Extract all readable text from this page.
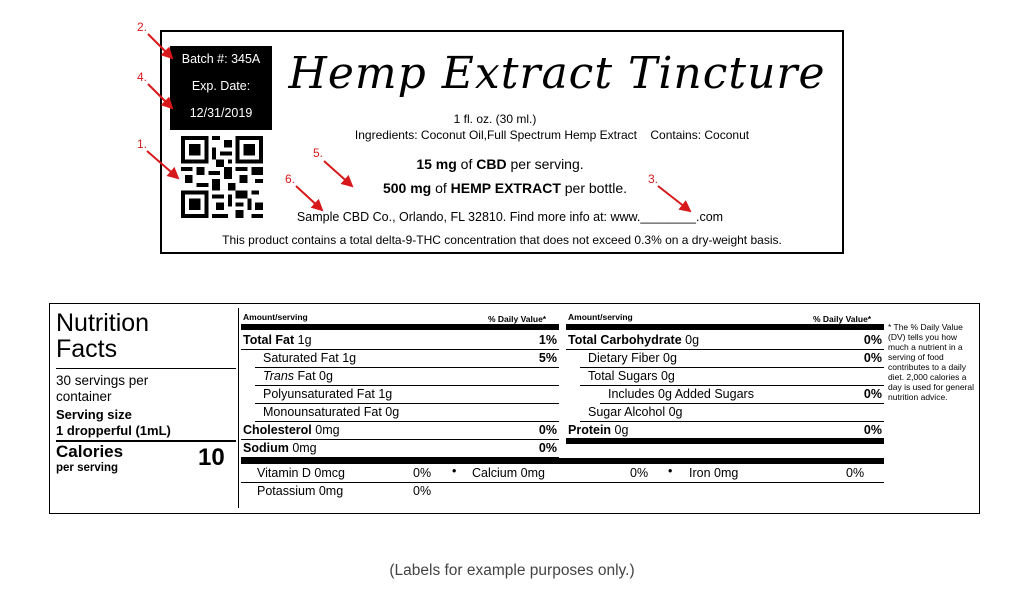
Batch #: 345A
Exp. Date:
12/31/2019
Hemp Extract Tincture
1 fl. oz. (30 ml.)
Ingredients: Coconut Oil,Full Spectrum Hemp Extract Contains: Coconut
15 mg of CBD per serving.
500 mg of HEMP EXTRACT per bottle.
Sample CBD Co., Orlando, FL 32810. Find more info at: www.________.com
This product contains a total delta-9-THC concentration that does not exceed 0.3% on a dry-weight basis.
2.
4.
1.
5.
6.	3.
Nutrition
Facts
30 servings per
container
Serving size
1 dropperful (1mL)
Calories
per serving	10
Amount/serving	% Daily Value*	Amount/serving	% Daily Value*
Total Fat 1g	1%
Saturated Fat 1g	5%
Trans Fat 0g
Polyunsaturated Fat 1g
Monounsaturated Fat 0g
Cholesterol 0mg	0%
Sodium 0mg	0%
Total Carbohydrate 0g	0%
Dietary Fiber 0g	0%
Total Sugars 0g
Includes 0g Added Sugars	0%
Sugar Alcohol 0g
Protein 0g	0%
Vitamin D 0mcg	0% • Calcium 0mg	0% • Iron 0mg	0%
Potassium 0mg	0%
* The % Daily Value (DV) tells you how much a nutrient in a serving of food contributes to a daily diet. 2,000 calories a day is used for general nutrition advice.
(Labels for example purposes only.)
